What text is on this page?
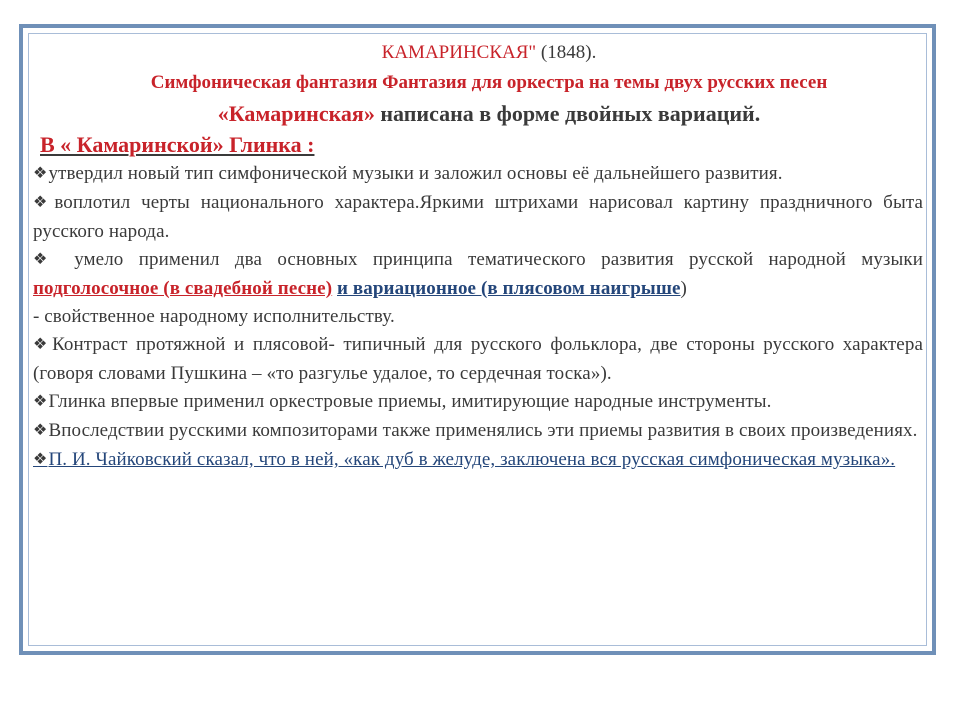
КАМАРИНСКАЯ" (1848).
Симфоническая фантазия Фантазия для оркестра на темы двух русских песен
«Камаринская» написана в форме двойных вариаций.
В « Камаринской» Глинка :

❖утвердил новый тип симфонической музыки и заложил основы её дальнейшего развития.

❖воплотил черты национального характера.Яркими штрихами нарисовал картину праздничного быта русского народа.

❖ умело применил два основных принципа тематического развития русской народной музыки подголосочное (в свадебной песне) и вариационное (в плясовом наигрыше)
- свойственное народному исполнительству.

❖Контраст протяжной и плясовой- типичный для русского фольклора, две стороны русского характера (говоря словами Пушкина – «то разгулье удалое, то сердечная тоска»).

❖Глинка впервые применил оркестровые приемы, имитирующие народные инструменты.

❖Впоследствии русскими композиторами также применялись эти приемы развития в своих произведениях.

❖П. И. Чайковский сказал, что в ней, «как дуб в желуде, заключена вся русская симфоническая музыка».
